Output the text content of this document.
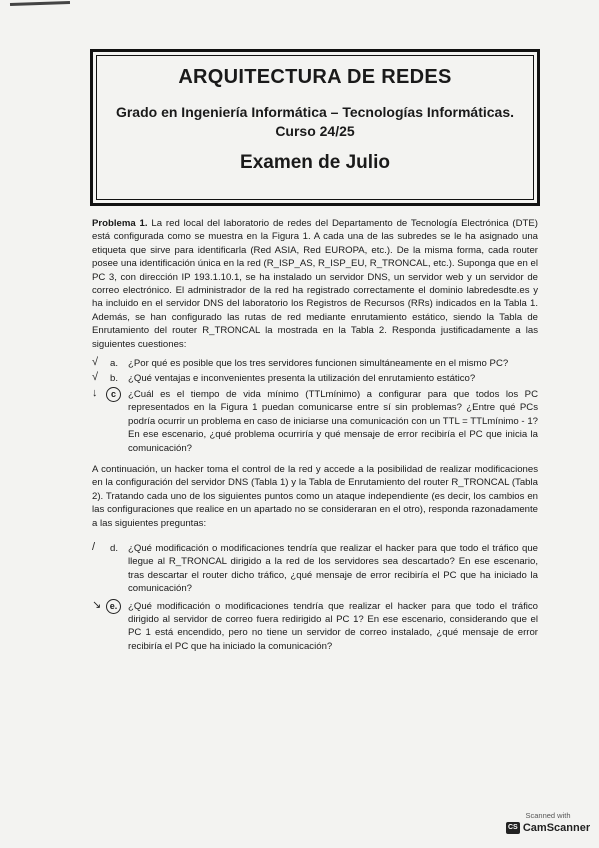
ARQUITECTURA DE REDES
Grado en Ingeniería Informática – Tecnologías Informáticas.
Curso 24/25
Examen de Julio

Problema 1. La red local del laboratorio de redes del Departamento de Tecnología Electrónica (DTE) está configurada como se muestra en la Figura 1. A cada una de las subredes se le ha asignado una etiqueta que sirve para identificarla (Red ASIA, Red EUROPA, etc.). De la misma forma, cada router posee una identificación única en la red (R_ISP_AS, R_ISP_EU, R_TRONCAL, etc.). Suponga que en el PC 3, con dirección IP 193.1.10.1, se ha instalado un servidor DNS, un servidor web y un servidor de correo electrónico. El administrador de la red ha registrado correctamente el dominio labredesdte.es y ha incluido en el servidor DNS del laboratorio los Registros de Recursos (RRs) indicados en la Tabla 1. Además, se han configurado las rutas de red mediante enrutamiento estático, siendo la Tabla de Enrutamiento del router R_TRONCAL la mostrada en la Tabla 2. Responda justificadamente a las siguientes cuestiones:

√	a. ¿Por qué es posible que los tres servidores funcionen simultáneamente en el mismo PC?
√	b. ¿Qué ventajas e inconvenientes presenta la utilización del enrutamiento estático?
↓	c	¿Cuál es el tiempo de vida mínimo (TTLmínimo) a configurar para que todos los PC representados en la Figura 1 puedan comunicarse entre sí sin problemas? ¿Entre qué PCs podría ocurrir un problema en caso de iniciarse una comunicación con un TTL = TTLmínimo - 1? En ese escenario, ¿qué problema ocurriría y qué mensaje de error recibiría el PC que inicia la comunicación?

A continuación, un hacker toma el control de la red y accede a la posibilidad de realizar modificaciones en la configuración del servidor DNS (Tabla 1) y la Tabla de Enrutamiento del router R_TRONCAL (Tabla 2). Tratando cada uno de los siguientes puntos como un ataque independiente (es decir, los cambios en las configuraciones que realice en un apartado no se consideraran en el otro), responda razonadamente a las siguientes preguntas:

/	d. ¿Qué modificación o modificaciones tendría que realizar el hacker para que todo el tráfico que llegue al R_TRONCAL dirigido a la red de los servidores sea descartado? En ese escenario, tras descartar el router dicho tráfico, ¿qué mensaje de error recibiría el PC que ha iniciado la comunicación?
↘ e.	¿Qué modificación o modificaciones tendría que realizar el hacker para que todo el tráfico dirigido al servidor de correo fuera redirigido al PC 1? En ese escenario, considerando que el PC 1 está encendido, pero no tiene un servidor de correo instalado, ¿qué mensaje de error recibiría el PC que ha iniciado la comunicación?
Scanned with
CS CamScanner
